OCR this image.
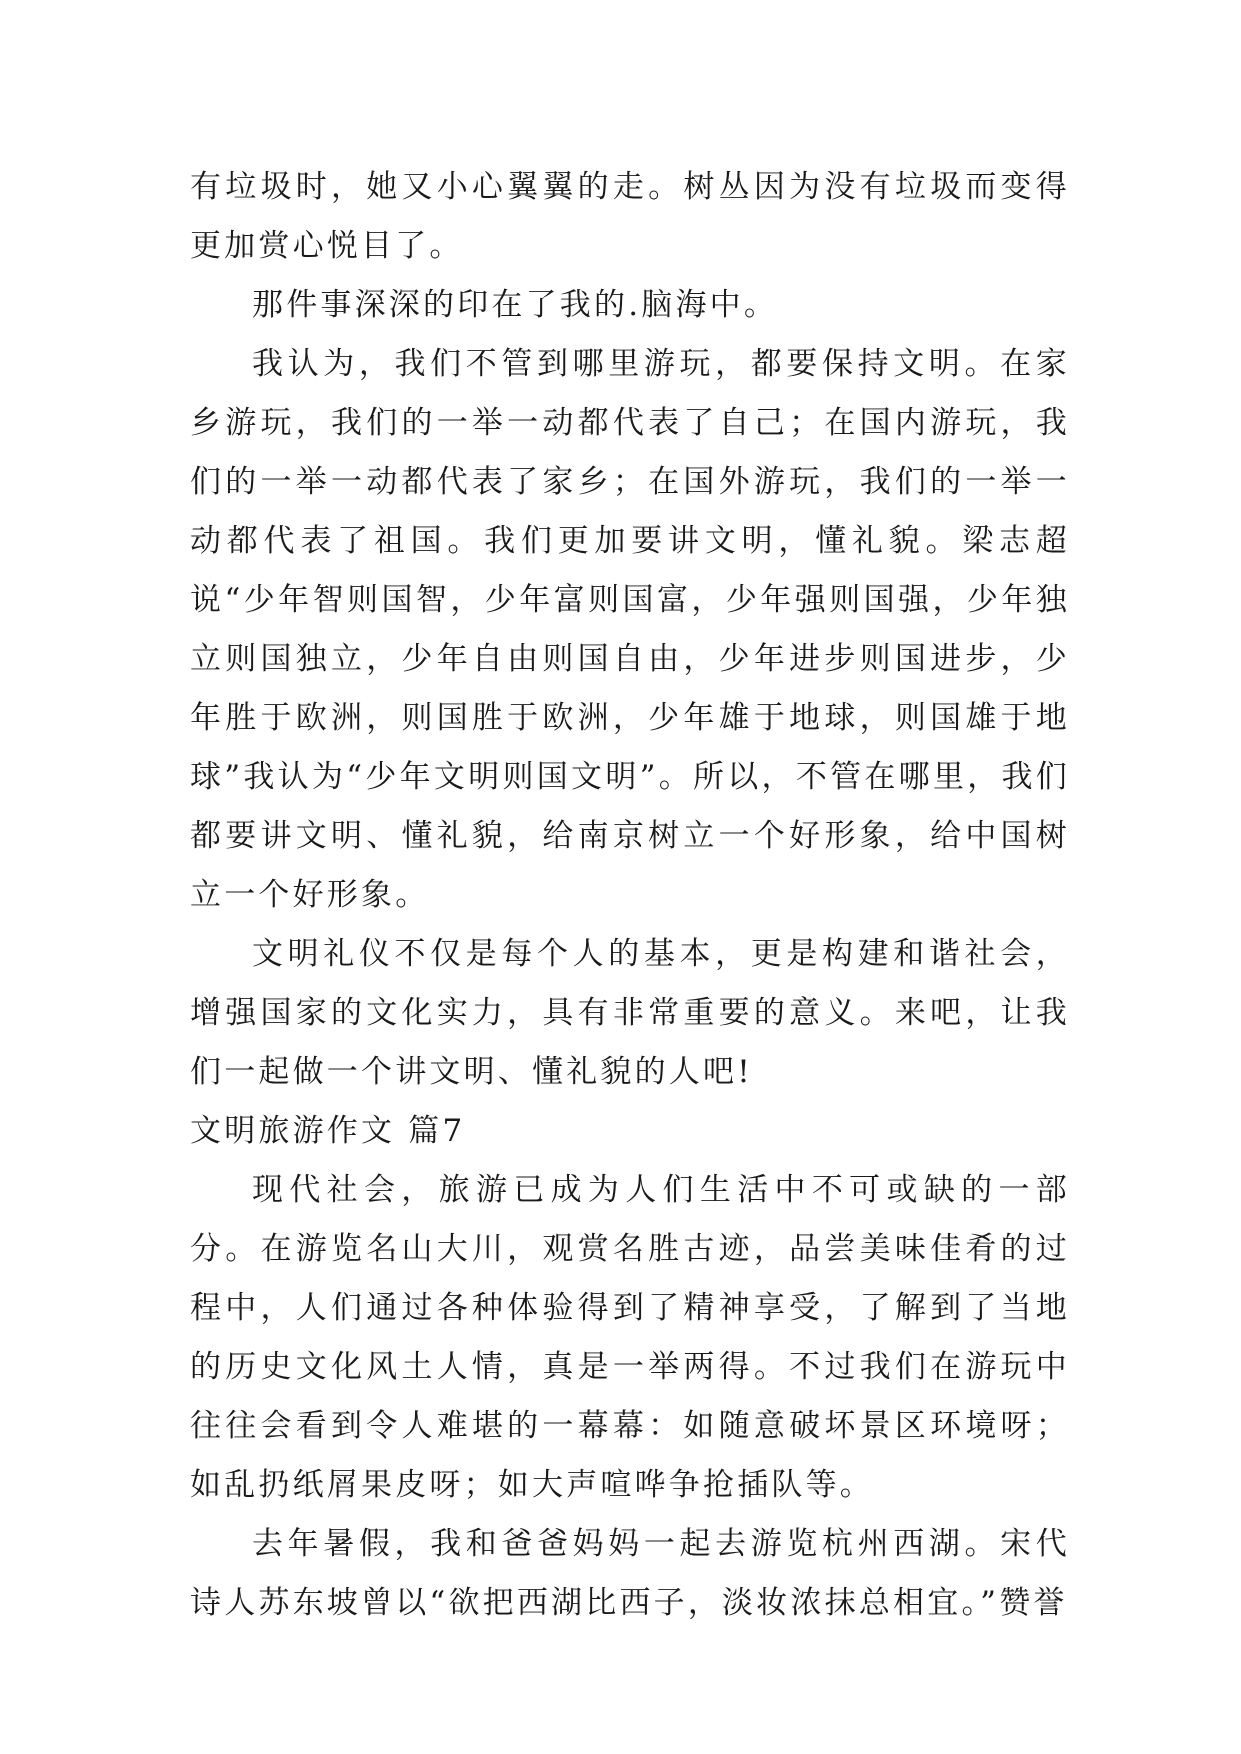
有垃圾时，她又小心翼翼的走。树丛因为没有垃圾而变得更加赏心悦目了。

那件事深深的印在了我的.脑海中。

我认为，我们不管到哪里游玩，都要保持文明。在家乡游玩，我们的一举一动都代表了自己；在国内游玩，我们的一举一动都代表了家乡；在国外游玩，我们的一举一动都代表了祖国。我们更加要讲文明，懂礼貌。梁志超说“少年智则国智，少年富则国富，少年强则国强，少年独立则国独立，少年自由则国自由，少年进步则国进步，少年胜于欧洲，则国胜于欧洲，少年雄于地球，则国雄于地球”我认为“少年文明则国文明”。所以，不管在哪里，我们都要讲文明、懂礼貌，给南京树立一个好形象，给中国树立一个好形象。

文明礼仪不仅是每个人的基本，更是构建和谐社会，增强国家的文化实力，具有非常重要的意义。来吧，让我们一起做一个讲文明、懂礼貌的人吧!

文明旅游作文 篇7

现代社会，旅游已成为人们生活中不可或缺的一部分。在游览名山大川，观赏名胜古迹，品尝美味佳肴的过程中，人们通过各种体验得到了精神享受，了解到了当地的历史文化风土人情，真是一举两得。不过我们在游玩中往往会看到令人难堪的一幕幕：如随意破坏景区环境呀；如乱扔纸屑果皮呀；如大声喧哗争抢插队等。

去年暑假，我和爸爸妈妈一起去游览杭州西湖。宋代诗人苏东坡曾以“欲把西湖比西子，淡妆浓抹总相宜。”赞誉
